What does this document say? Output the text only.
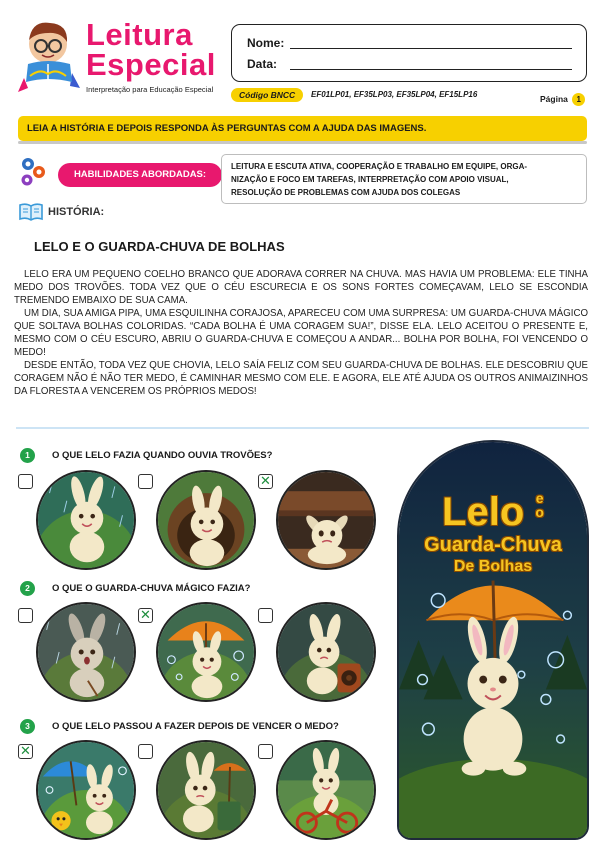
Leitura
Especial
Interpretação para Educação Especial
Nome:
Data:
Código BNCC	EF01LP01, EF35LP03, EF35LP04, EF15LP16	Página 1
LEIA A HISTÓRIA E DEPOIS RESPONDA ÀS PERGUNTAS COM A AJUDA DAS IMAGENS.
HABILIDADES ABORDADAS:
LEITURA E ESCUTA ATIVA, COOPERAÇÃO E TRABALHO EM EQUIPE, ORGA-
NIZAÇÃO E FOCO EM TAREFAS, INTERPRETAÇÃO COM APOIO VISUAL,
RESOLUÇÃO DE PROBLEMAS COM AJUDA DOS COLEGAS
HISTÓRIA:
LELO E O GUARDA-CHUVA DE BOLHAS

LELO ERA UM PEQUENO COELHO BRANCO QUE ADORAVA CORRER NA CHUVA. MAS HAVIA UM PROBLEMA: ELE TINHA MEDO DOS TROVÕES. TODA VEZ QUE O CÉU ESCURECIA E OS SONS FORTES COMEÇAVAM, LELO SE ESCONDIA TREMENDO EMBAIXO DE SUA CAMA.

UM DIA, SUA AMIGA PIPA, UMA ESQUILINHA CORAJOSA, APARECEU COM UMA SURPRESA: UM GUARDA-CHUVA MÁGICO QUE SOLTAVA BOLHAS COLORIDAS. “CADA BOLHA É UMA CORAGEM SUA!”, DISSE ELA. LELO ACEITOU O PRESENTE E, MESMO COM O CÉU ESCURO, ABRIU O GUARDA-CHUVA E COMEÇOU A ANDAR... BOLHA POR BOLHA, FOI VENCENDO O MEDO!

DESDE ENTÃO, TODA VEZ QUE CHOVIA, LELO SAÍA FELIZ COM SEU GUARDA-CHUVA DE BOLHAS. ELE DESCOBRIU QUE CORAGEM NÃO É NÃO TER MEDO, É CAMINHAR MESMO COM ELE. E AGORA, ELE ATÉ AJUDA OS OUTROS ANIMAIZINHOS DA FLORESTA A VENCEREM OS PRÓPRIOS MEDOS!

1	O QUE LELO FAZIA QUANDO OUVIA TROVÕES?
✕
2	O QUE O GUARDA-CHUVA MÁGICO FAZIA?
✕
3	O QUE LELO PASSOU A FAZER DEPOIS DE VENCER O MEDO?
✕
Lelo e
o
Guarda-Chuva
De Bolhas
